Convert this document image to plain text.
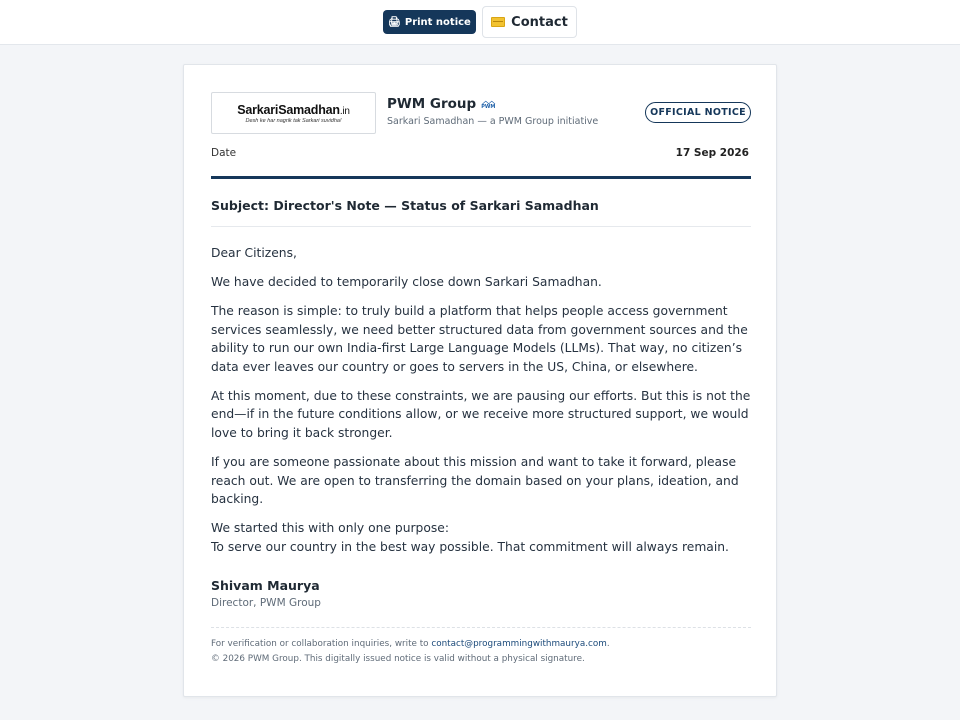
🖨 Print notice	Contact
SarkariSamadhan.in
Desh ke har nagrik tak Sarkari suvidha!
PWM Group ︿︿
PWM
Sarkari Samadhan — a PWM Group initiative
OFFICIAL NOTICE
Date	17 Sep 2026
Subject: Director's Note — Status of Sarkari Samadhan

Dear Citizens,

We have decided to temporarily close down Sarkari Samadhan.

The reason is simple: to truly build a platform that helps people access government services seamlessly, we need better structured data from government sources and the ability to run our own India-first Large Language Models (LLMs). That way, no citizen’s data ever leaves our country or goes to servers in the US, China, or elsewhere.

At this moment, due to these constraints, we are pausing our efforts. But this is not the end—if in the future conditions allow, or we receive more structured support, we would love to bring it back stronger.

If you are someone passionate about this mission and want to take it forward, please reach out. We are open to transferring the domain based on your plans, ideation, and backing.

We started this with only one purpose:
To serve our country in the best way possible. That commitment will always remain.

Shivam Maurya
Director, PWM Group
For verification or collaboration inquiries, write to contact@programmingwithmaurya.com.
© 2026 PWM Group. This digitally issued notice is valid without a physical signature.
